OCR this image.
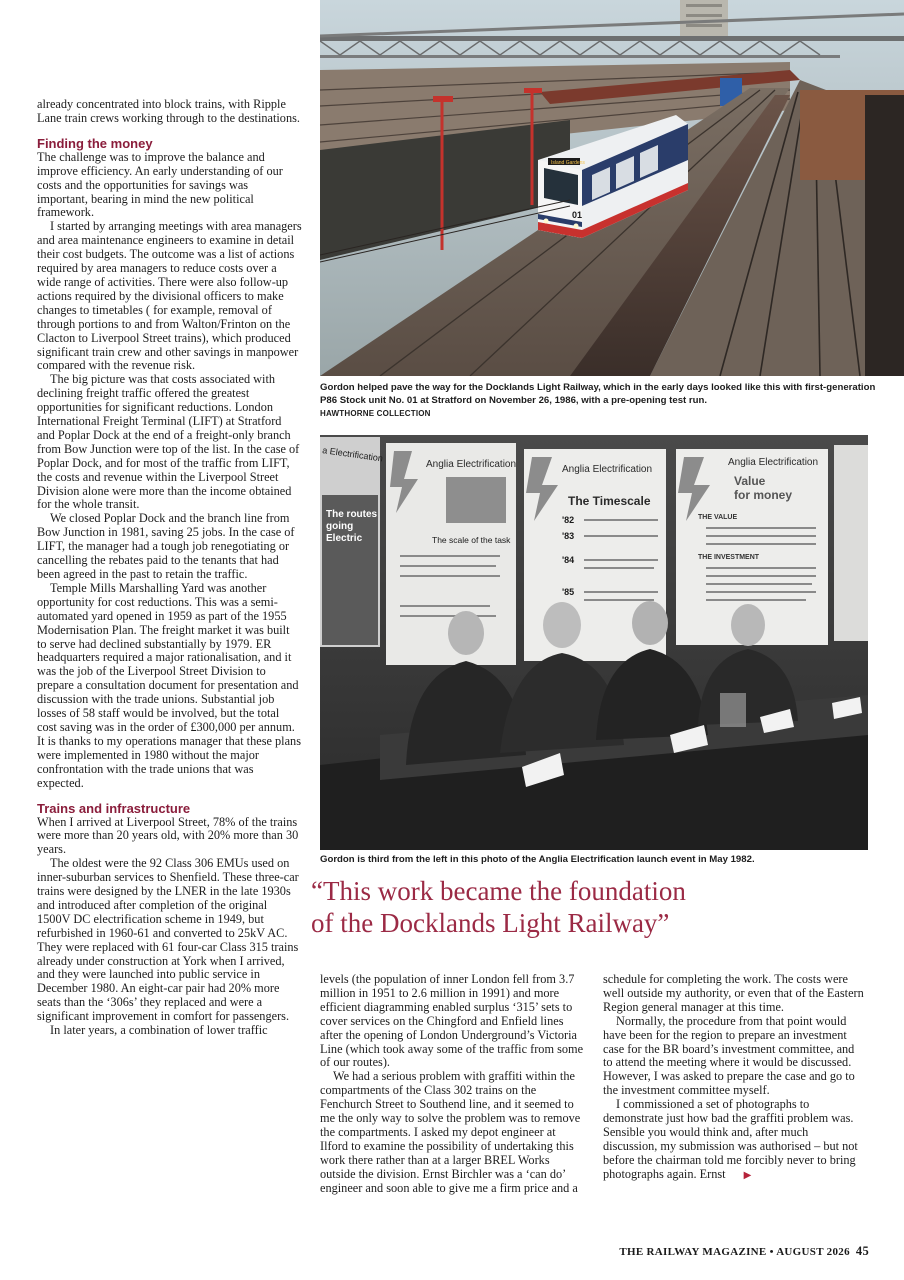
already concentrated into block trains, with Ripple Lane train crews working through to the destinations.

Finding the money

The challenge was to improve the balance and improve efficiency. An early understanding of our costs and the opportunities for savings was important, bearing in mind the new political framework.

I started by arranging meetings with area managers and area maintenance engineers to examine in detail their cost budgets. The outcome was a list of actions required by area managers to reduce costs over a wide range of activities. There were also follow-up actions required by the divisional officers to make changes to timetables ( for example, removal of through portions to and from Walton/Frinton on the Clacton to Liverpool Street trains), which produced significant train crew and other savings in manpower compared with the revenue risk.

The big picture was that costs associated with declining freight traffic offered the greatest opportunities for significant reductions. London International Freight Terminal (LIFT) at Stratford and Poplar Dock at the end of a freight-only branch from Bow Junction were top of the list. In the case of Poplar Dock, and for most of the traffic from LIFT, the costs and revenue within the Liverpool Street Division alone were more than the income obtained for the whole transit.

We closed Poplar Dock and the branch line from Bow Junction in 1981, saving 25 jobs. In the case of LIFT, the manager had a tough job renegotiating or cancelling the rebates paid to the tenants that had been agreed in the past to retain the traffic.

Temple Mills Marshalling Yard was another opportunity for cost reductions. This was a semi-automated yard opened in 1959 as part of the 1955 Modernisation Plan. The freight market it was built to serve had declined substantially by 1979. ER headquarters required a major rationalisation, and it was the job of the Liverpool Street Division to prepare a consultation document for presentation and discussion with the trade unions. Substantial job losses of 58 staff would be involved, but the total cost saving was in the order of £300,000 per annum. It is thanks to my operations manager that these plans were implemented in 1980 without the major confrontation with the trade unions that was expected.

Trains and infrastructure

When I arrived at Liverpool Street, 78% of the trains were more than 20 years old, with 20% more than 30 years.

The oldest were the 92 Class 306 EMUs used on inner-suburban services to Shenfield. These three-car trains were designed by the LNER in the late 1930s and introduced after completion of the original 1500V DC electrification scheme in 1949, but refurbished in 1960-61 and converted to 25kV AC. They were replaced with 61 four-car Class 315 trains already under construction at York when I arrived, and they were launched into public service in December 1980. An eight-car pair had 20% more seats than the ‘306s’ they replaced and were a significant improvement in comfort for passengers.

In later years, a combination of lower traffic

Island Gardens
01
Gordon helped pave the way for the Docklands Light Railway, which in the early days looked like this with first-generation P86 Stock unit No. 01 at Stratford on November 26, 1986, with a pre-opening test run.
HAWTHORNE COLLECTION
a Electrification
The routes
going
Electric
Anglia Electrification
The scale of the task
Anglia Electrification
The Timescale
'82
'83
'84
'85
Anglia Electrification
Value
for money
THE VALUE
THE INVESTMENT
Gordon is third from the left in this photo of the Anglia Electrification launch event in May 1982.
“This work became the foundation
of the Docklands Light Railway”

levels (the population of inner London fell from 3.7 million in 1951 to 2.6 million in 1991) and more efficient diagramming enabled surplus ‘315’ sets to cover services on the Chingford and Enfield lines after the opening of London Underground’s Victoria Line (which took away some of the traffic from some of our routes).

We had a serious problem with graffiti within the compartments of the Class 302 trains on the Fenchurch Street to Southend line, and it seemed to me the only way to solve the problem was to remove the compartments. I asked my depot engineer at Ilford to examine the possibility of undertaking this work there rather than at a larger BREL Works outside the division. Ernst Birchler was a ‘can do’ engineer and soon able to give me a firm price and a

schedule for completing the work. The costs were well outside my authority, or even that of the Eastern Region general manager at this time.

Normally, the procedure from that point would have been for the region to prepare an investment case for the BR board’s investment committee, and to attend the meeting where it would be discussed. However, I was asked to prepare the case and go to the investment committee myself.

I commissioned a set of photographs to demonstrate just how bad the graffiti problem was. Sensible you would think and, after much discussion, my submission was authorised – but not before the chairman told me forcibly never to bring photographs again. Ernst ▶

THE RAILWAY MAGAZINE • AUGUST 2026 45
